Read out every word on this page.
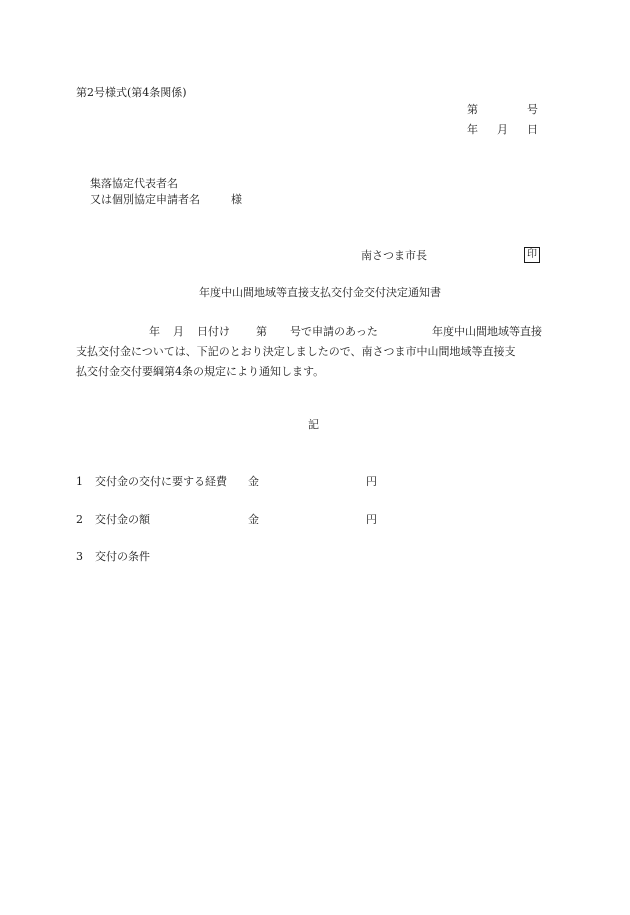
第2号様式(第4条関係)
第	号
年 月 日
集落協定代表者名
又は個別協定申請者名	様
南さつま市長	印
年度中山間地域等直接支払交付金交付決定通知書
年 月 日付け 第 号で申請のあった	年度中山間地域等直接
支払交付金については、下記のとおり決定しましたので、南さつま市中山間地域等直接支
払交付金交付要綱第4条の規定により通知します。
記
1 交付金の交付に要する経費 金	円
2 交付金の額	金	円
3 交付の条件
